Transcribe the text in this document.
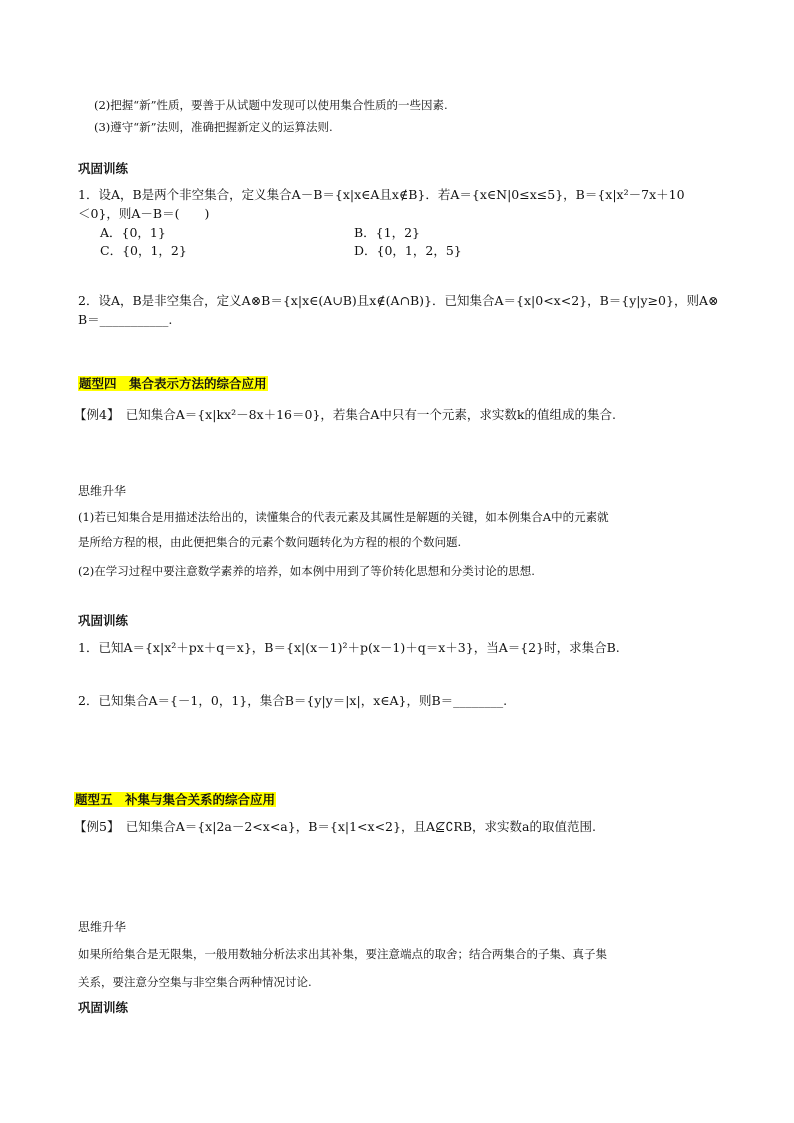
(2)把握“新”性质，要善于从试题中发现可以使用集合性质的一些因素.
(3)遵守“新”法则，准确把握新定义的运算法则.
巩固训练
1．设A，B是两个非空集合，定义集合A－B＝{x|x∈A且x∉B}．若A＝{x∈N|0≤x≤5}，B＝{x|x²－7x＋10
＜0}，则A－B＝(　　)
A．{0，1}	B．{1，2}
C．{0，1，2}	D．{0，1，2，5}
2．设A，B是非空集合，定义A⊗B＝{x|x∈(A∪B)且x∉(A∩B)}．已知集合A＝{x|0<x<2}，B＝{y|y≥0}，则A⊗
B＝___________.
题型四　集合表示方法的综合应用
【例4】　已知集合A＝{x|kx²－8x＋16＝0}，若集合A中只有一个元素，求实数k的值组成的集合.
思维升华
(1)若已知集合是用描述法给出的，读懂集合的代表元素及其属性是解题的关键，如本例集合A中的元素就
是所给方程的根，由此便把集合的元素个数问题转化为方程的根的个数问题.
(2)在学习过程中要注意数学素养的培养，如本例中用到了等价转化思想和分类讨论的思想.
巩固训练
1．已知A＝{x|x²＋px＋q＝x}，B＝{x|(x－1)²＋p(x－1)＋q＝x＋3}，当A＝{2}时，求集合B.
2．已知集合A＝{－1，0，1}，集合B＝{y|y＝|x|，x∈A}，则B＝________.
题型五　补集与集合关系的综合应用
【例5】　已知集合A＝{x|2a－2<x<a}，B＝{x|1<x<2}，且A⊈∁RB，求实数a的取值范围.
思维升华
如果所给集合是无限集，一般用数轴分析法求出其补集，要注意端点的取舍；结合两集合的子集、真子集
关系，要注意分空集与非空集合两种情况讨论.
巩固训练
